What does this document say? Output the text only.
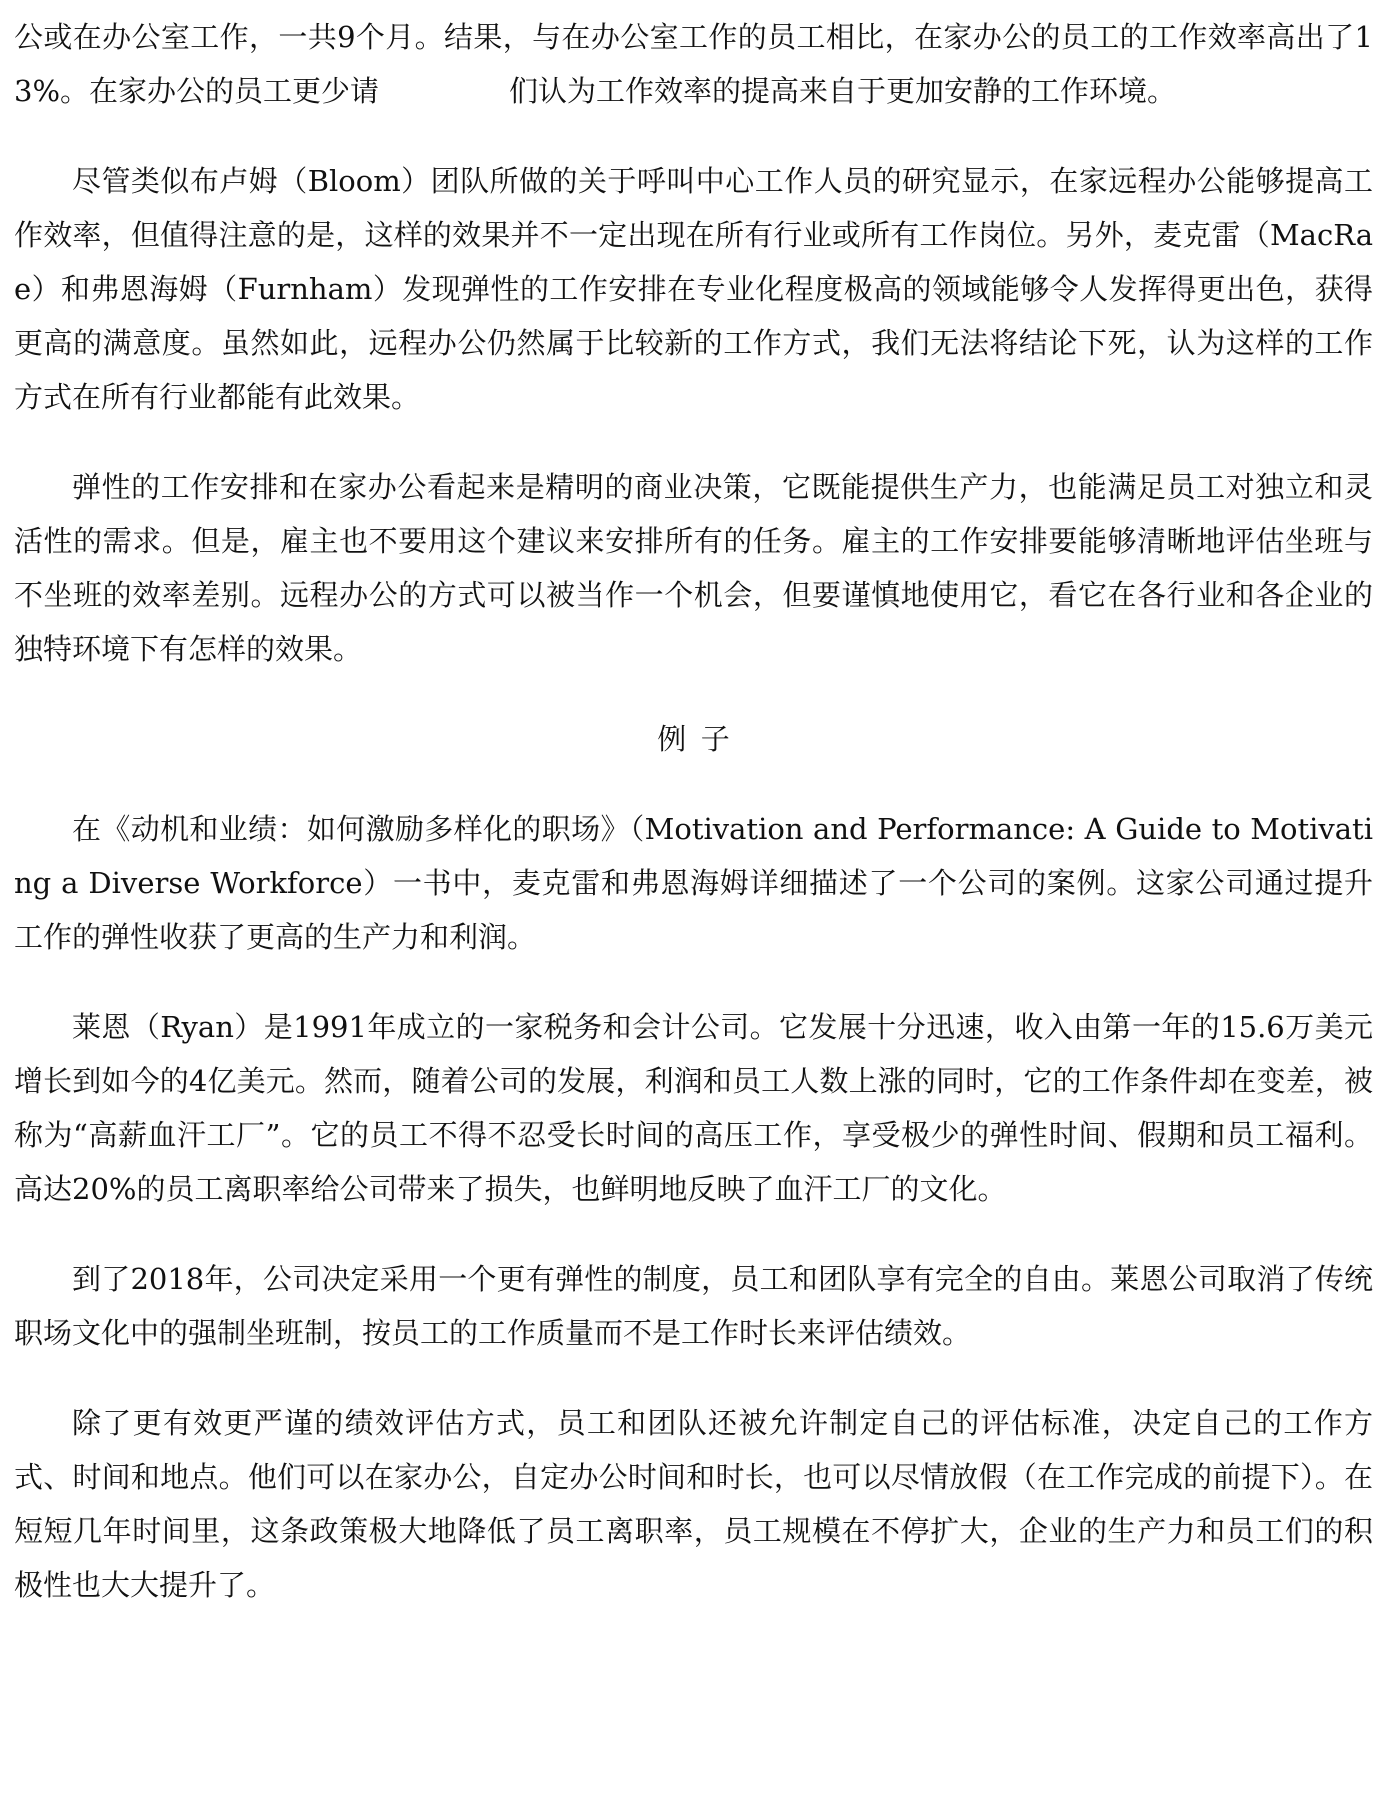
公或在办公室工作，一共9个月。结果，与在办公室工作的员工相比，在家办公的员工的工作效率高出了13%。在家办公的员工更少请	们认为工作效率的提高来自于更加安静的工作环境。

尽管类似布卢姆（Bloom）团队所做的关于呼叫中心工作人员的研究显示，在家远程办公能够提高工作效率，但值得注意的是，这样的效果并不一定出现在所有行业或所有工作岗位。另外，麦克雷（MacRae）和弗恩海姆（Furnham）发现弹性的工作安排在专业化程度极高的领域能够令人发挥得更出色，获得更高的满意度。虽然如此，远程办公仍然属于比较新的工作方式，我们无法将结论下死，认为这样的工作方式在所有行业都能有此效果。

弹性的工作安排和在家办公看起来是精明的商业决策，它既能提供生产力，也能满足员工对独立和灵活性的需求。但是，雇主也不要用这个建议来安排所有的任务。雇主的工作安排要能够清晰地评估坐班与不坐班的效率差别。远程办公的方式可以被当作一个机会，但要谨慎地使用它，看它在各行业和各企业的独特环境下有怎样的效果。

例子

在《动机和业绩：如何激励多样化的职场》（Motivation and Performance: A Guide to Motivating a Diverse Workforce）一书中，麦克雷和弗恩海姆详细描述了一个公司的案例。这家公司通过提升工作的弹性收获了更高的生产力和利润。

莱恩（Ryan）是1991年成立的一家税务和会计公司。它发展十分迅速，收入由第一年的15.6万美元增长到如今的4亿美元。然而，随着公司的发展，利润和员工人数上涨的同时，它的工作条件却在变差，被称为“高薪血汗工厂”。它的员工不得不忍受长时间的高压工作，享受极少的弹性时间、假期和员工福利。高达20%的员工离职率给公司带来了损失，也鲜明地反映了血汗工厂的文化。

到了2018年，公司决定采用一个更有弹性的制度，员工和团队享有完全的自由。莱恩公司取消了传统职场文化中的强制坐班制，按员工的工作质量而不是工作时长来评估绩效。

除了更有效更严谨的绩效评估方式，员工和团队还被允许制定自己的评估标准，决定自己的工作方式、时间和地点。他们可以在家办公，自定办公时间和时长，也可以尽情放假（在工作完成的前提下）。在短短几年时间里，这条政策极大地降低了员工离职率，员工规模在不停扩大，企业的生产力和员工们的积极性也大大提升了。
